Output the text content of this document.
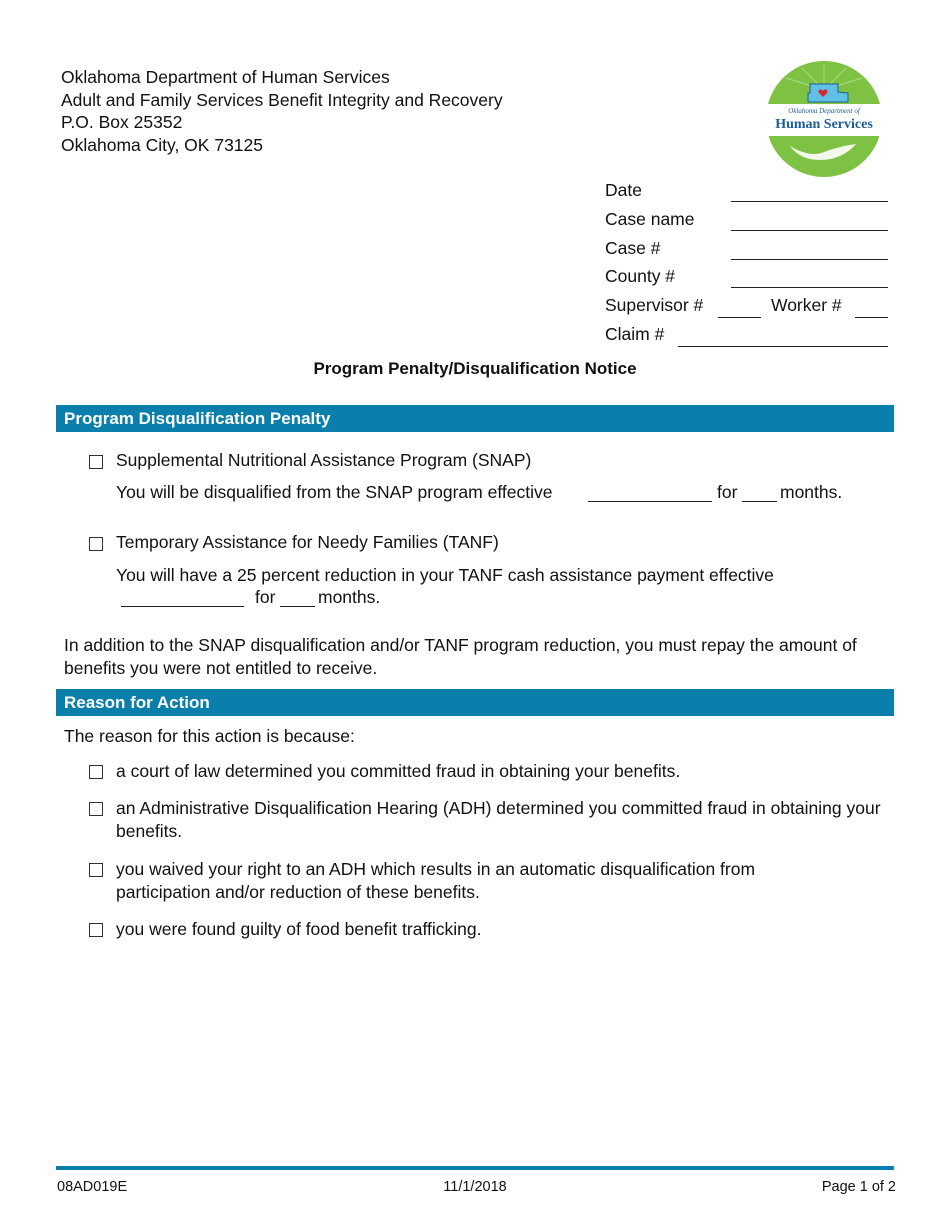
Oklahoma Department of Human Services
Adult and Family Services Benefit Integrity and Recovery
P.O. Box 25352
Oklahoma City, OK 73125
Oklahoma Department of
Human Services
Date
Case name
Case #
County #
Supervisor #	Worker #
Claim #
Program Penalty/Disqualification Notice
Program Disqualification Penalty
Supplemental Nutritional Assistance Program (SNAP)
You will be disqualified from the SNAP program effective	for months.
Temporary Assistance for Needy Families (TANF)
You will have a 25 percent reduction in your TANF cash assistance payment effective
for months.
In addition to the SNAP disqualification and/or TANF program reduction, you must repay the amount of benefits you were not entitled to receive.
Reason for Action
The reason for this action is because:
a court of law determined you committed fraud in obtaining your benefits.
an Administrative Disqualification Hearing (ADH) determined you committed fraud in obtaining your benefits.
you waived your right to an ADH which results in an automatic disqualification from participation and/or reduction of these benefits.
you were found guilty of food benefit trafficking.
08AD019E	11/1/2018	Page 1 of 2
